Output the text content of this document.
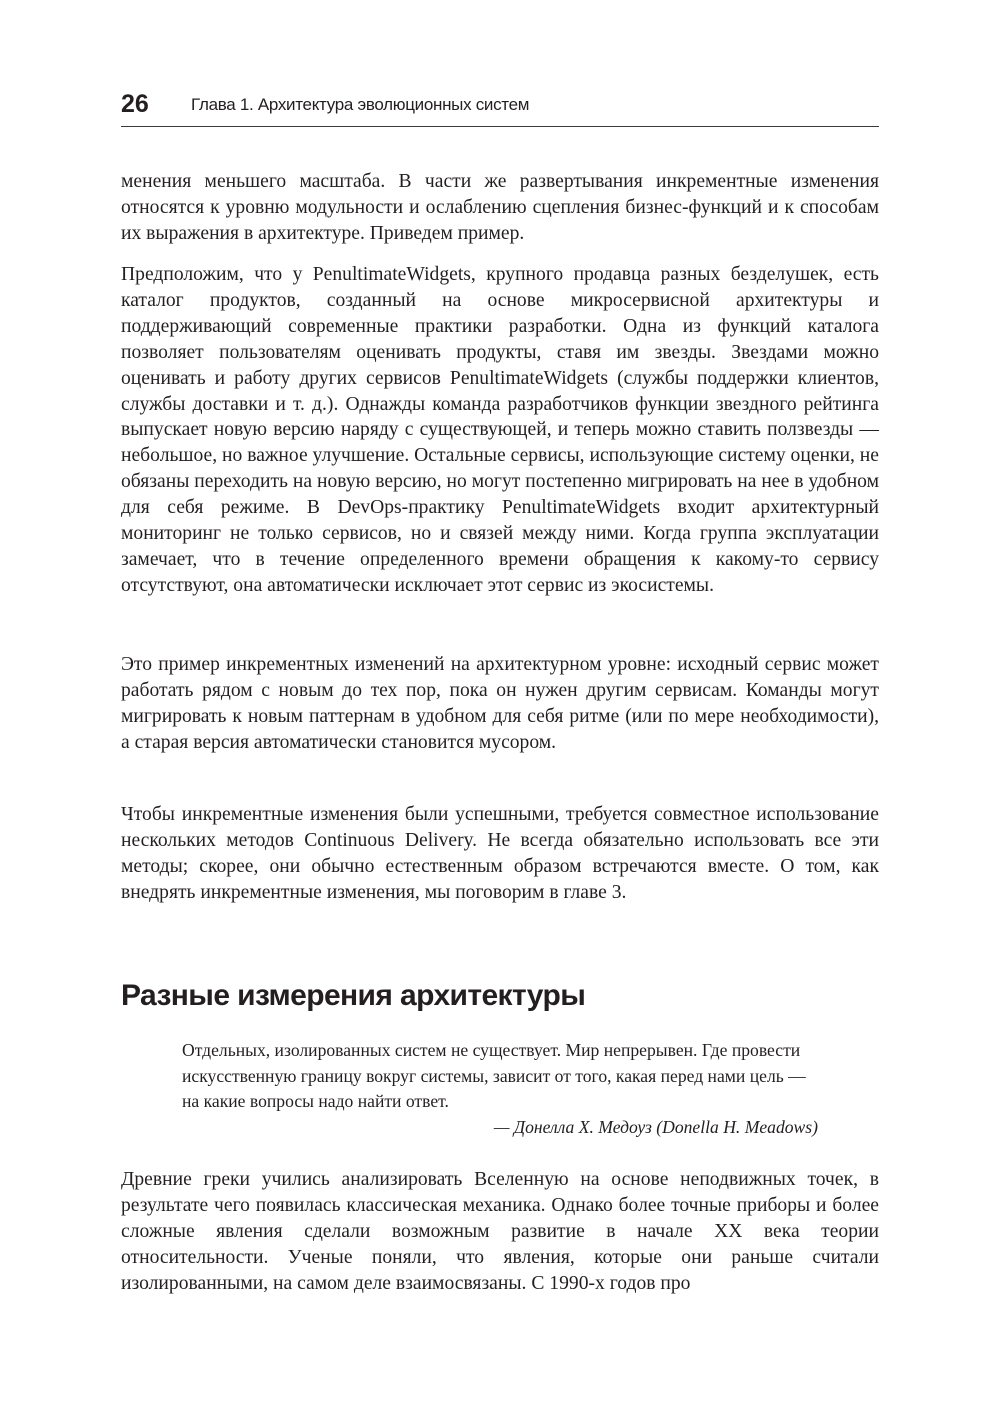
26 Глава 1. Архитектура эволюционных систем

менения меньшего масштаба. В части же развертывания инкрементные изменения относятся к уровню модульности и ослаблению сцепления бизнес-функций и к способам их выражения в архитектуре. Приведем пример.

Предположим, что у PenultimateWidgets, крупного продавца разных безделушек, есть каталог продуктов, созданный на основе микросервисной архитектуры и поддерживающий современные практики разработки. Одна из функций каталога позволяет пользователям оценивать продукты, ставя им звезды. Звездами можно оценивать и работу других сервисов PenultimateWidgets (службы поддержки клиентов, службы доставки и т. д.). Однажды команда разработчиков функции звездного рейтинга выпускает новую версию наряду с существующей, и теперь можно ставить ползвезды — небольшое, но важное улучшение. Остальные сервисы, использующие систему оценки, не обязаны переходить на новую версию, но могут постепенно мигрировать на нее в удобном для себя режиме. В DevOps-практику PenultimateWidgets входит архитектурный мониторинг не только сервисов, но и связей между ними. Когда группа эксплуатации замечает, что в течение определенного времени обращения к какому-то сервису отсутствуют, она автоматически исключает этот сервис из экосистемы.

Это пример инкрементных изменений на архитектурном уровне: исходный сервис может работать рядом с новым до тех пор, пока он нужен другим сервисам. Команды могут мигрировать к новым паттернам в удобном для себя ритме (или по мере необходимости), а старая версия автоматически становится мусором.

Чтобы инкрементные изменения были успешными, требуется совместное использование нескольких методов Continuous Delivery. Не всегда обязательно использовать все эти методы; скорее, они обычно естественным образом встречаются вместе. О том, как внедрять инкрементные изменения, мы поговорим в главе 3.

Разные измерения архитектуры

Отдельных, изолированных систем не существует. Мир непрерывен. Где провести искусственную границу вокруг системы, зависит от того, какая перед нами цель — на какие вопросы надо найти ответ.

— Донелла Х. Медоуз (Donella H. Meadows)

Древние греки учились анализировать Вселенную на основе неподвижных точек, в результате чего появилась классическая механика. Однако более точные приборы и более сложные явления сделали возможным развитие в начале XX века теории относительности. Ученые поняли, что явления, которые они раньше считали изолированными, на самом деле взаимосвязаны. С 1990-х годов про
